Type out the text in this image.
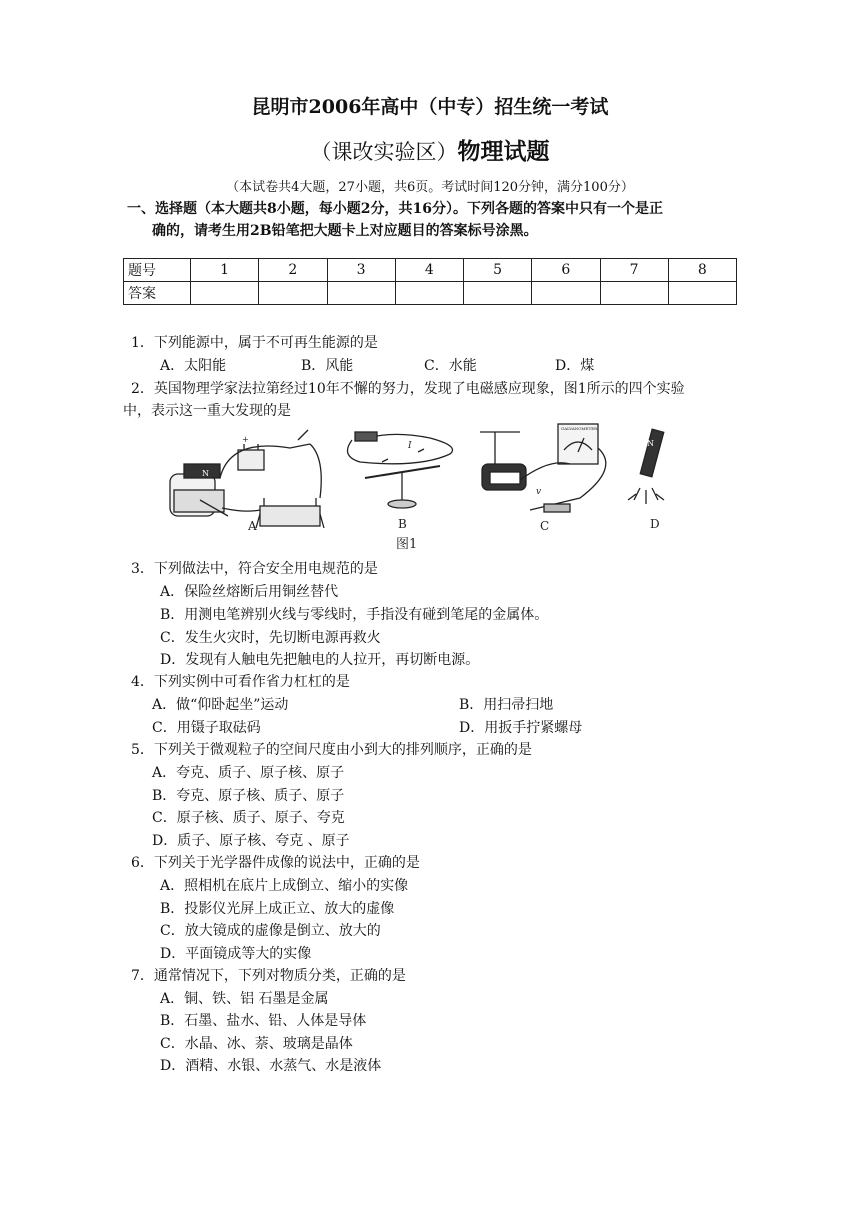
昆明市2006年高中（中专）招生统一考试
（课改实验区）物理试题
（本试卷共4大题，27小题，共6页。考试时间120分钟，满分100分）
一、选择题（本大题共8小题，每小题2分，共16分）。下列各题的答案中只有一个是正
确的，请考生用2B铅笔把大题卡上对应题目的答案标号涂黑。
题号	1	2	3	4	5	6	7	8
答案								
1．下列能源中，属于不可再生能源的是
A．太阳能	B．风能	C．水能	D．煤
2．英国物理学家法拉第经过10年不懈的努力，发现了电磁感应现象，图1所示的四个实验
中，表示这一重大发现的是
+
N
I
v
GALVANOMETER
N
A	B	C	D
图1
3．下列做法中，符合安全用电规范的是
A．保险丝熔断后用铜丝替代
B．用测电笔辨别火线与零线时，手指没有碰到笔尾的金属体。
C．发生火灾时，先切断电源再救火
D．发现有人触电先把触电的人拉开，再切断电源。
4．下列实例中可看作省力杠杠的是
A．做“仰卧起坐”运动	B．用扫帚扫地
C．用镊子取砝码	D．用扳手拧紧螺母
5．下列关于微观粒子的空间尺度由小到大的排列顺序，正确的是
A．夸克、质子、原子核、原子
B．夸克、原子核、质子、原子
C．原子核、质子、原子、夸克
D．质子、原子核、夸克 、原子
6．下列关于光学器件成像的说法中，正确的是
A．照相机在底片上成倒立、缩小的实像
B．投影仪光屏上成正立、放大的虚像
C．放大镜成的虚像是倒立、放大的
D．平面镜成等大的实像
7．通常情况下，下列对物质分类，正确的是
A．铜、铁、铝 石墨是金属
B．石墨、盐水、铅、人体是导体
C．水晶、冰、萘、玻璃是晶体
D．酒精、水银、水蒸气、水是液体
